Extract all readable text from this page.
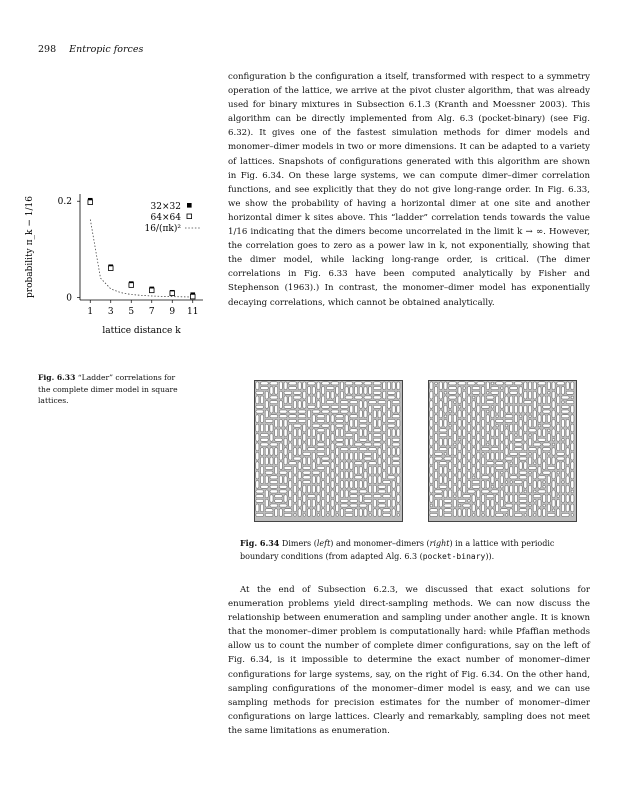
298 Entropic forces
configuration b the configuration a itself, transformed with respect to a symmetry operation of the lattice, we arrive at the pivot cluster algorithm, that was already used for binary mixtures in Subsection 6.1.3 (Kranth and Moessner 2003). This algorithm can be directly implemented from Alg. 6.3 (pocket-binary) (see Fig. 6.32). It gives one of the fastest simulation methods for dimer models and monomer–dimer models in two or more dimensions. It can be adapted to a variety of lattices. Snapshots of configurations generated with this algorithm are shown in Fig. 6.34. On these large systems, we can compute dimer–dimer correlation functions, and see explicitly that they do not give long-range order. In Fig. 6.33, we show the probability of having a horizontal dimer at one site and another horizontal dimer k sites above. This “ladder” correlation tends towards the value 1/16 indicating that the dimers become uncorrelated in the limit k → ∞. However, the correlation goes to zero as a power law in k, not exponentially, showing that the dimer model, while lacking long-range order, is critical. (The dimer correlations in Fig. 6.33 have been computed analytically by Fisher and Stephenson (1963).) In contrast, the monomer–dimer model has exponentially decaying correlations, which cannot be obtained analytically.
1 3 5 7 9 11
0
0.2
lattice distance k
probability π_k − 1/16	32×32
64×64
16/(πk)²
Fig. 6.33 “Ladder” correlations for the complete dimer model in square lattices.
Fig. 6.34 Dimers (left) and monomer–dimers (right) in a lattice with periodic boundary conditions (from adapted Alg. 6.3 (pocket-binary)).
At the end of Subsection 6.2.3, we discussed that exact solutions for enumeration problems yield direct-sampling methods. We can now discuss the relationship between enumeration and sampling under another angle. It is known that the monomer–dimer problem is computationally hard: while Pfaffian methods allow us to count the number of complete dimer configurations, say on the left of Fig. 6.34, is it impossible to determine the exact number of monomer–dimer configurations for large systems, say, on the right of Fig. 6.34. On the other hand, sampling configurations of the monomer–dimer model is easy, and we can use sampling methods for precision estimates for the number of monomer–dimer configurations on large lattices. Clearly and remarkably, sampling does not meet the same limitations as enumeration.
